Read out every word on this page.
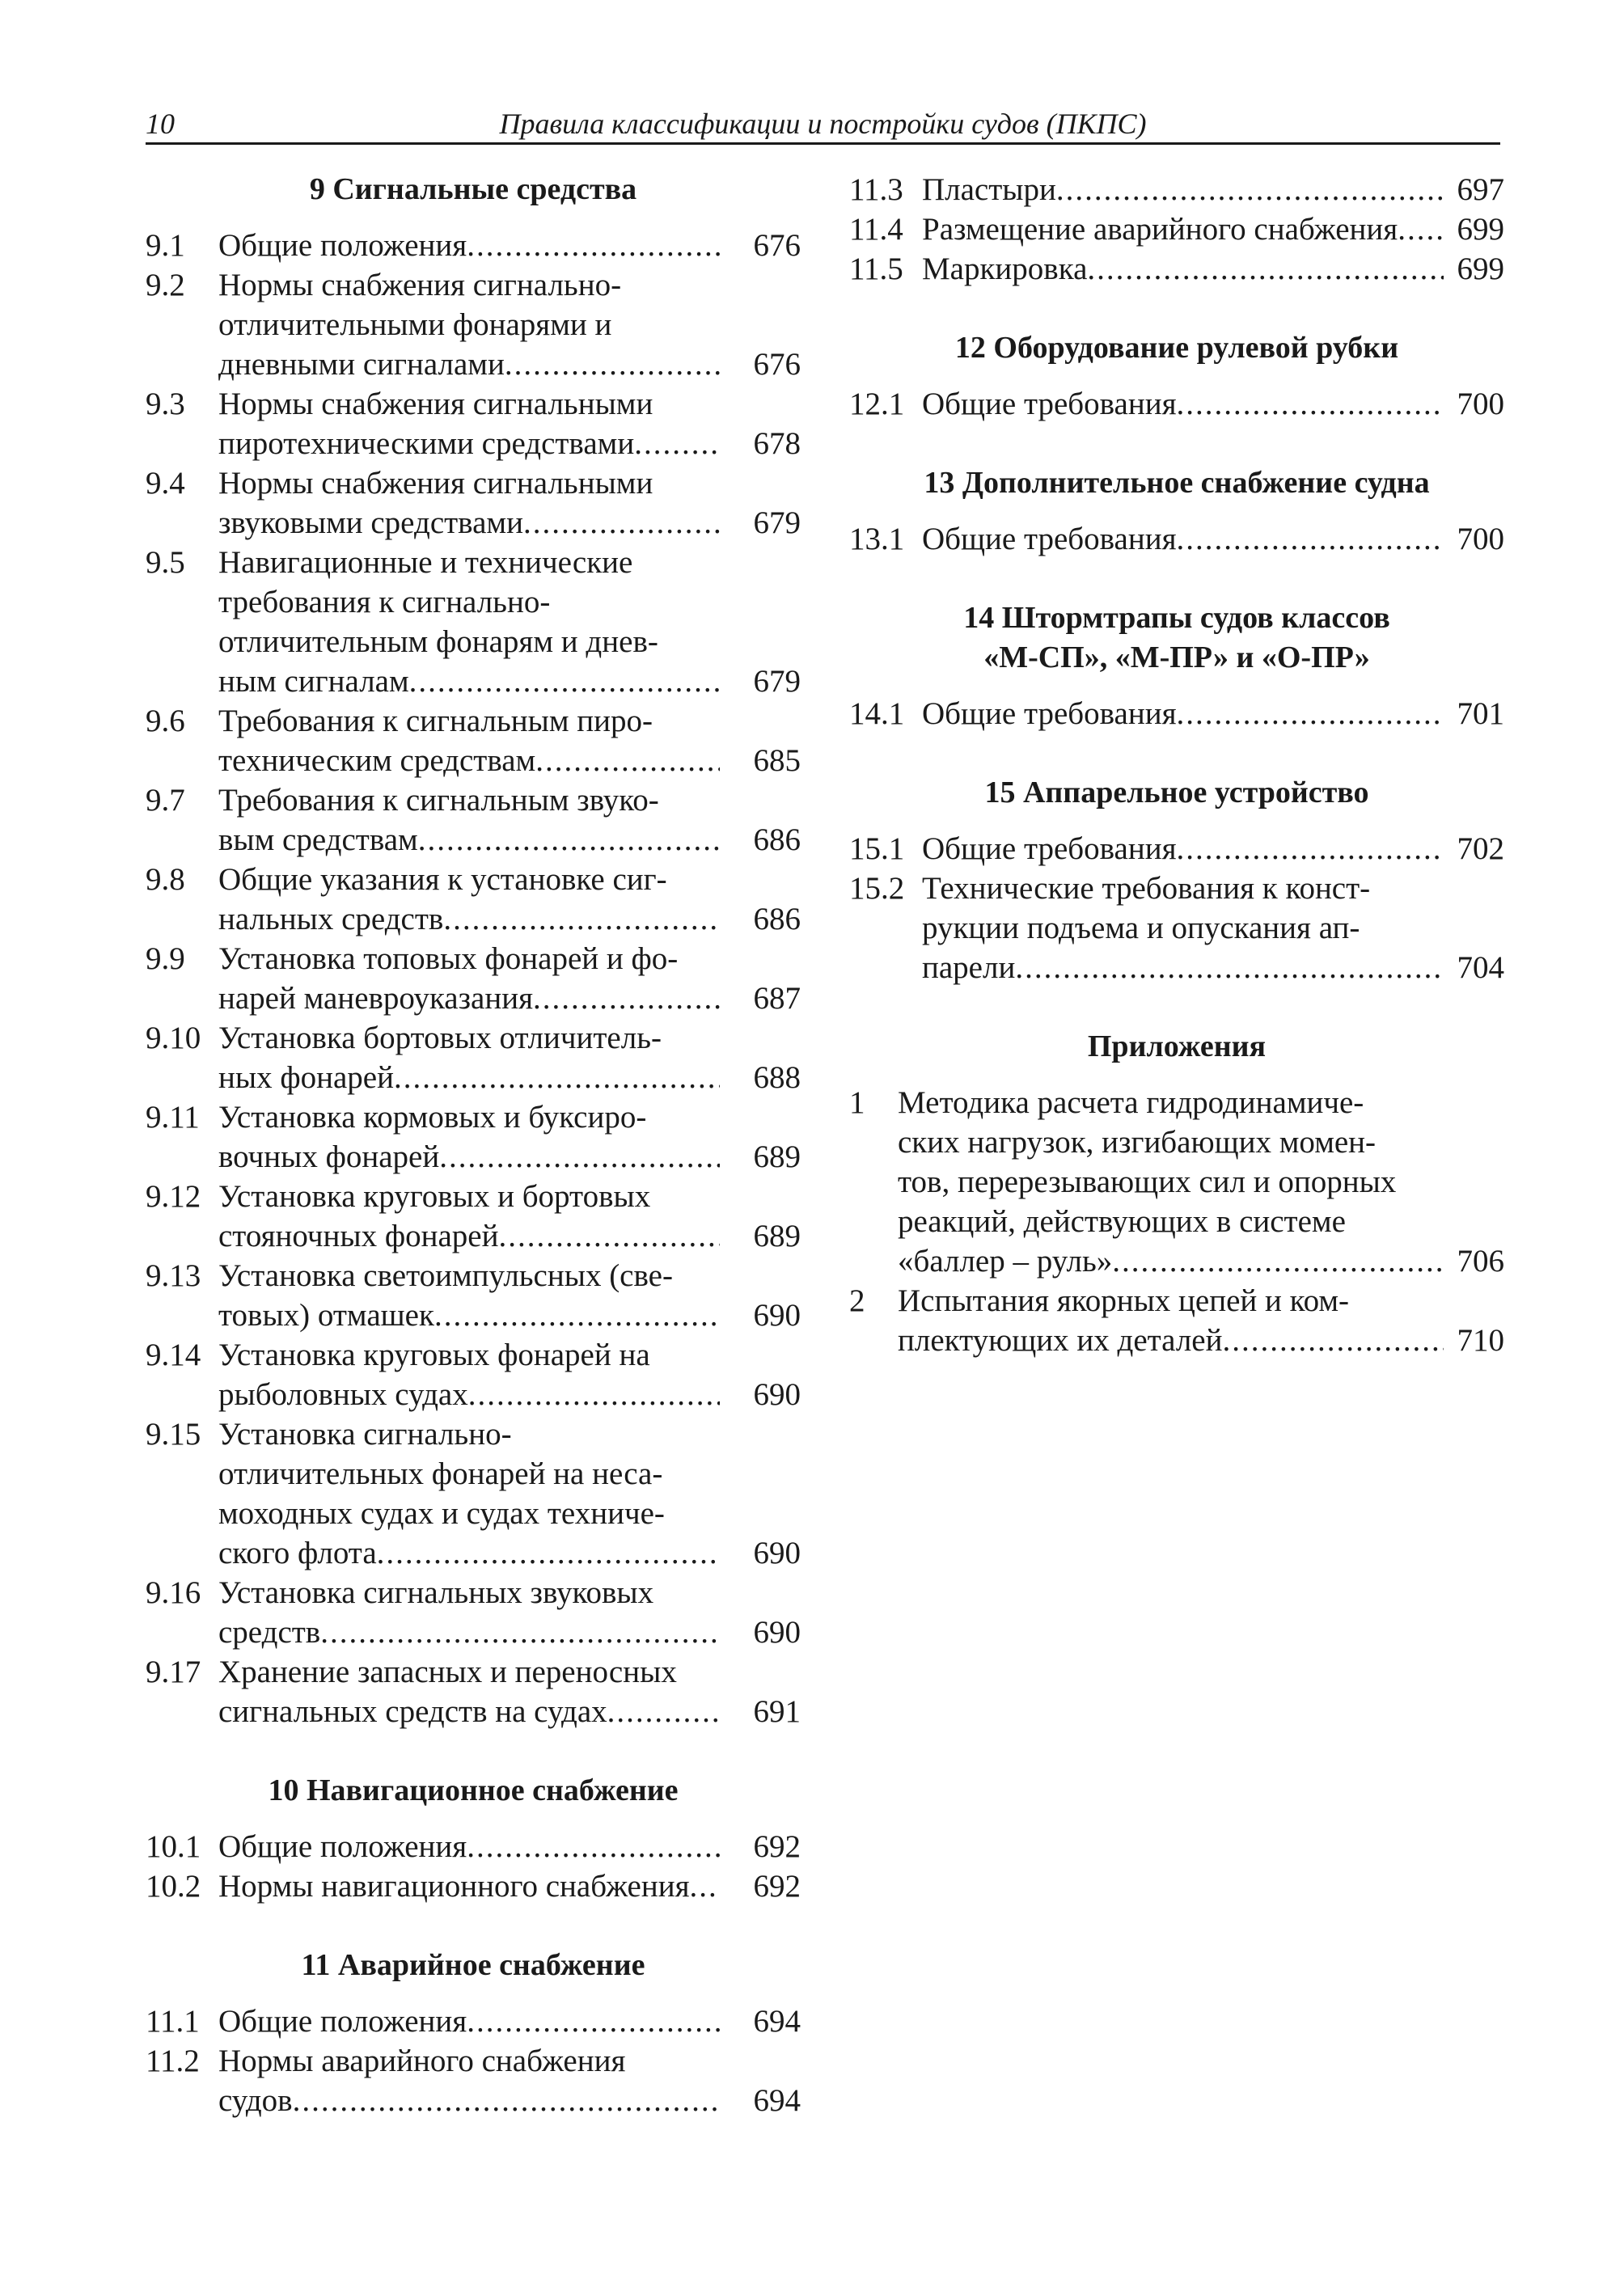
10	Правила классификации и постройки судов (ПКПС)
9 Сигнальные средства
9.1 Общие положения .....	676
9.2 Нормы снабжения сигнально-
отличительными фонарями и
дневными сигналами .....	676
9.3 Нормы снабжения сигнальными
пиротехническими средствами .....	678
9.4 Нормы снабжения сигнальными
звуковыми средствами .....	679
9.5 Навигационные и технические
требования к сигнально-
отличительным фонарям и днев-
ным сигналам .....	679
9.6 Требования к сигнальным пиро-
техническим средствам .....	685
9.7 Требования к сигнальным звуко-
вым средствам .....	686
9.8 Общие указания к установке сиг-
нальных средств .....	686
9.9 Установка топовых фонарей и фо-
нарей маневроуказания .....	687
9.10 Установка бортовых отличитель-
ных фонарей .....	688
9.11 Установка кормовых и буксиро-
вочных фонарей .....	689
9.12 Установка круговых и бортовых
стояночных фонарей .....	689
9.13 Установка светоимпульсных (све-
товых) отмашек .....	690
9.14 Установка круговых фонарей на
рыболовных судах .....	690
9.15 Установка сигнально-
отличительных фонарей на неса-
моходных судах и судах техниче-
ского флота .....	690
9.16 Установка сигнальных звуковых
средств .....	690
9.17 Хранение запасных и переносных
сигнальных средств на судах .....	691
10 Навигационное снабжение
10.1 Общие положения .....	692
10.2 Нормы навигационного снабжения .....	692
11 Аварийное снабжение
11.1 Общие положения .....	694
11.2 Нормы аварийного снабжения
судов .....	694
11.3 Пластыри .....	697
11.4 Размещение аварийного снабжения .....	699
11.5 Маркировка .....	699
12 Оборудование рулевой рубки
12.1 Общие требования .....	700
13 Дополнительное снабжение судна
13.1 Общие требования .....	700
14 Штормтрапы судов классов
«М-СП», «М-ПР» и «О-ПР»
14.1 Общие требования .....	701
15 Аппарельное устройство
15.1 Общие требования .....	702
15.2 Технические требования к конст-
рукции подъема и опускания ап-
парели .....	704
Приложения
1 Методика расчета гидродинамиче-
ских нагрузок, изгибающих момен-
тов, перерезывающих сил и опорных
реакций, действующих в системе
«баллер – руль» .....	706
2 Испытания якорных цепей и ком-
плектующих их деталей .....	710
